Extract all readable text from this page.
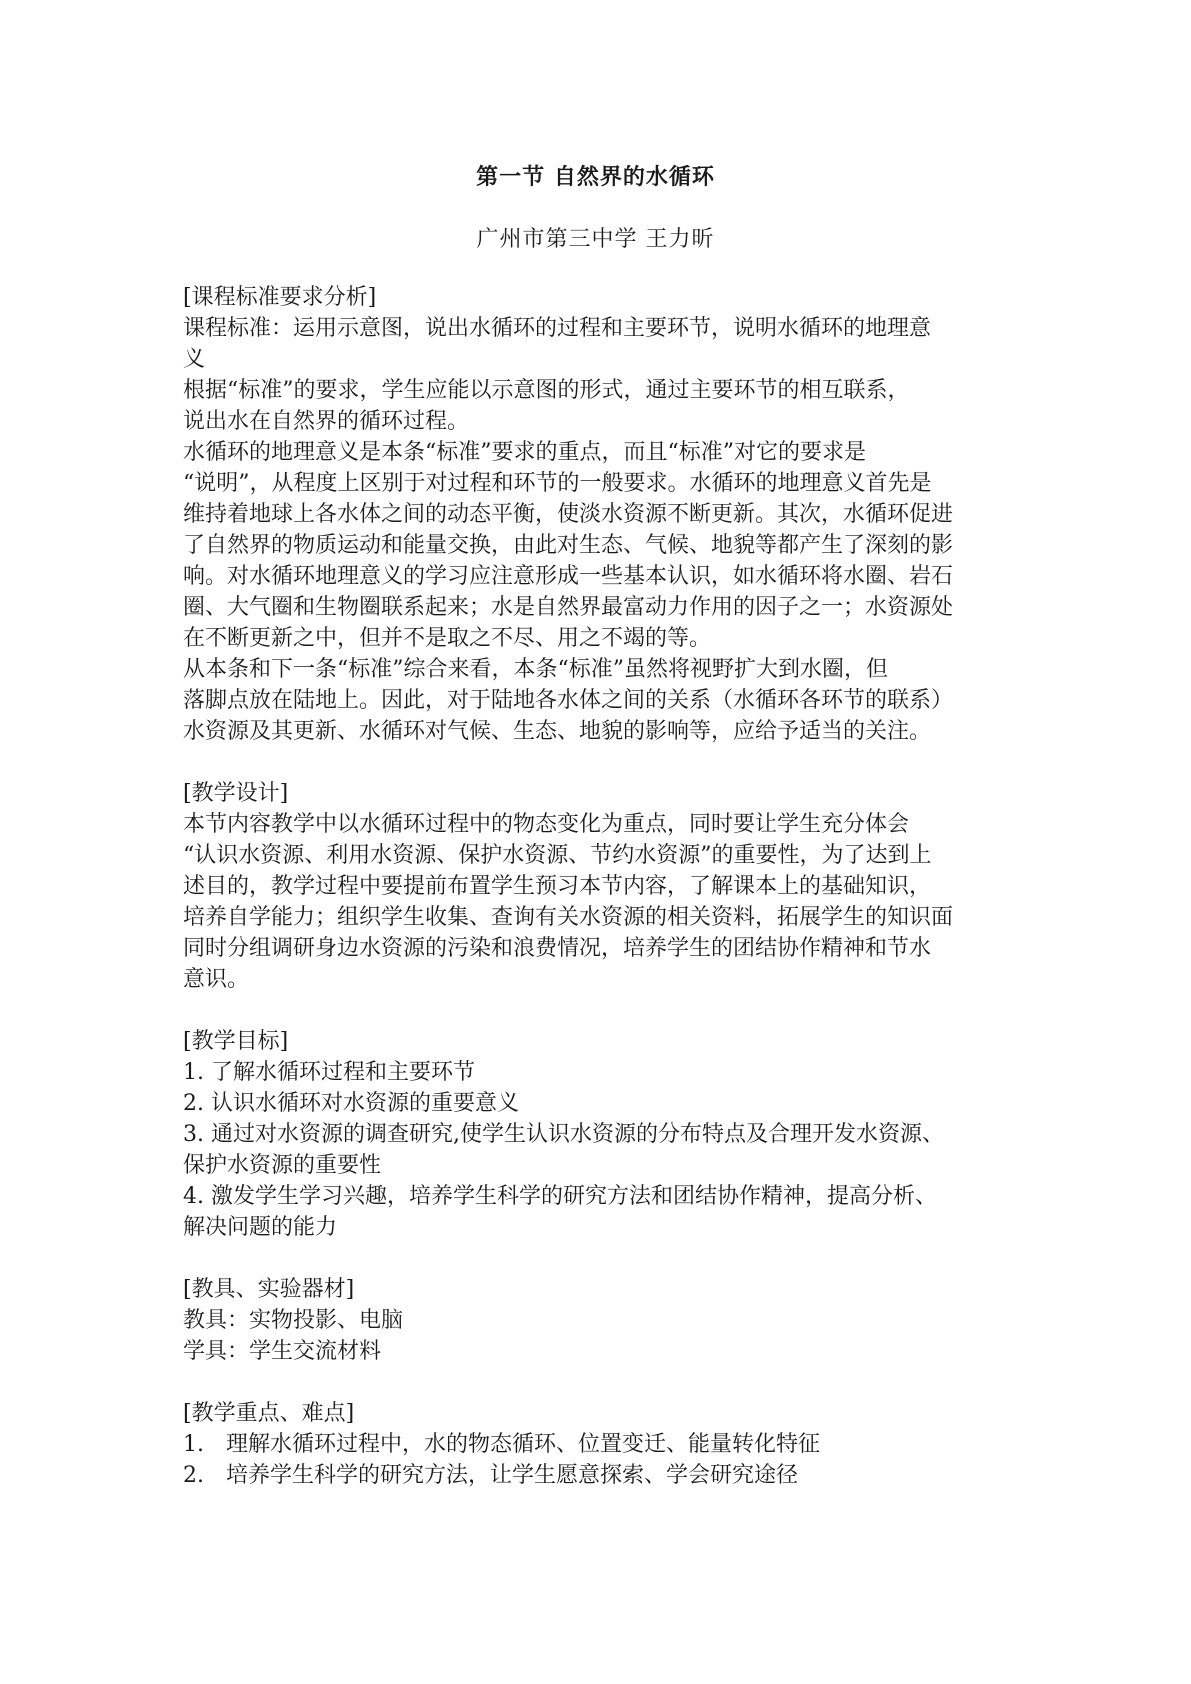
第一节 自然界的水循环
广州市第三中学 王力昕

[课程标准要求分析]

课程标准：运用示意图，说出水循环的过程和主要环节，说明水循环的地理意

义

根据“标准”的要求，学生应能以示意图的形式，通过主要环节的相互联系，

说出水在自然界的循环过程。

水循环的地理意义是本条“标准”要求的重点，而且“标准”对它的要求是

“说明”，从程度上区别于对过程和环节的一般要求。水循环的地理意义首先是

维持着地球上各水体之间的动态平衡，使淡水资源不断更新。其次，水循环促进

了自然界的物质运动和能量交换，由此对生态、气候、地貌等都产生了深刻的影

响。对水循环地理意义的学习应注意形成一些基本认识，如水循环将水圈、岩石

圈、大气圈和生物圈联系起来；水是自然界最富动力作用的因子之一；水资源处

在不断更新之中，但并不是取之不尽、用之不竭的等。

从本条和下一条“标准”综合来看，本条“标准”虽然将视野扩大到水圈，但

落脚点放在陆地上。因此，对于陆地各水体之间的关系（水循环各环节的联系）

水资源及其更新、水循环对气候、生态、地貌的影响等，应给予适当的关注。

[教学设计]

本节内容教学中以水循环过程中的物态变化为重点，同时要让学生充分体会

“认识水资源、利用水资源、保护水资源、节约水资源”的重要性，为了达到上

述目的，教学过程中要提前布置学生预习本节内容，了解课本上的基础知识，

培养自学能力；组织学生收集、查询有关水资源的相关资料，拓展学生的知识面

同时分组调研身边水资源的污染和浪费情况，培养学生的团结协作精神和节水

意识。

[教学目标]

1. 了解水循环过程和主要环节

2. 认识水循环对水资源的重要意义

3. 通过对水资源的调查研究,使学生认识水资源的分布特点及合理开发水资源、

保护水资源的重要性

4. 激发学生学习兴趣，培养学生科学的研究方法和团结协作精神，提高分析、

解决问题的能力

[教具、实验器材]

教具：实物投影、电脑

学具：学生交流材料

[教学重点、难点]

1.　理解水循环过程中，水的物态循环、位置变迁、能量转化特征

2.　培养学生科学的研究方法，让学生愿意探索、学会研究途径
